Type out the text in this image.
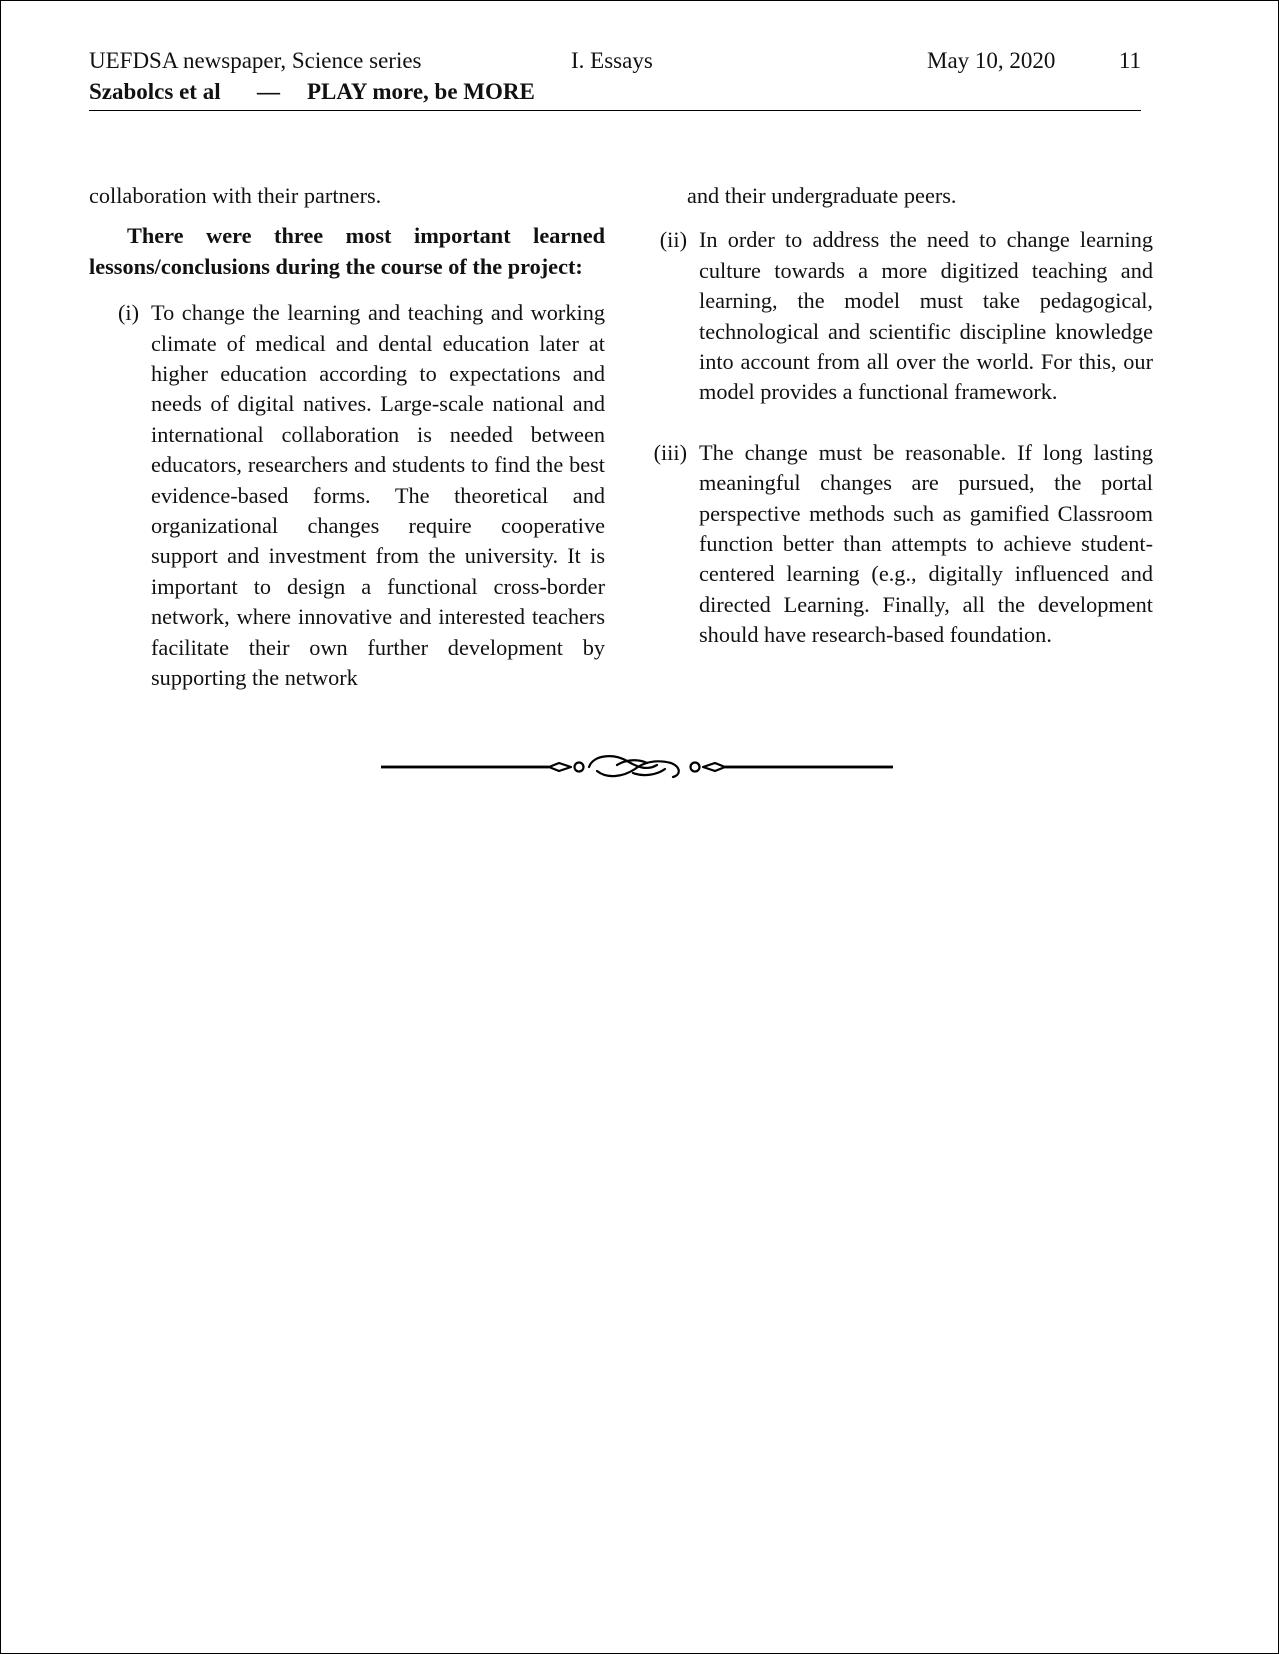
UEFDSA newspaper, Science series	I. Essays	May 10, 2020	11
Szabolcs et al — PLAY more, be MORE

collaboration with their partners.

There were three most important learned lessons/conclusions during the course of the project:

(i) To change the learning and teaching and working climate of medical and dental education later at higher education according to expectations and needs of digital natives. Large-scale national and international collaboration is needed between educators, researchers and students to find the best evidence-based forms. The theoretical and organizational changes require cooperative support and investment from the university. It is important to design a functional cross-border network, where innovative and interested teachers facilitate their own further development by supporting the network

and their undergraduate peers.

(ii) In order to address the need to change learning culture towards a more digitized teaching and learning, the model must take pedagogical, technological and scientific discipline knowledge into account from all over the world. For this, our model provides a functional framework.

(iii) The change must be reasonable. If long lasting meaningful changes are pursued, the portal perspective methods such as gamified Classroom function better than attempts to achieve student-centered learning (e.g., digitally influenced and directed Learning. Finally, all the development should have research-based foundation.
